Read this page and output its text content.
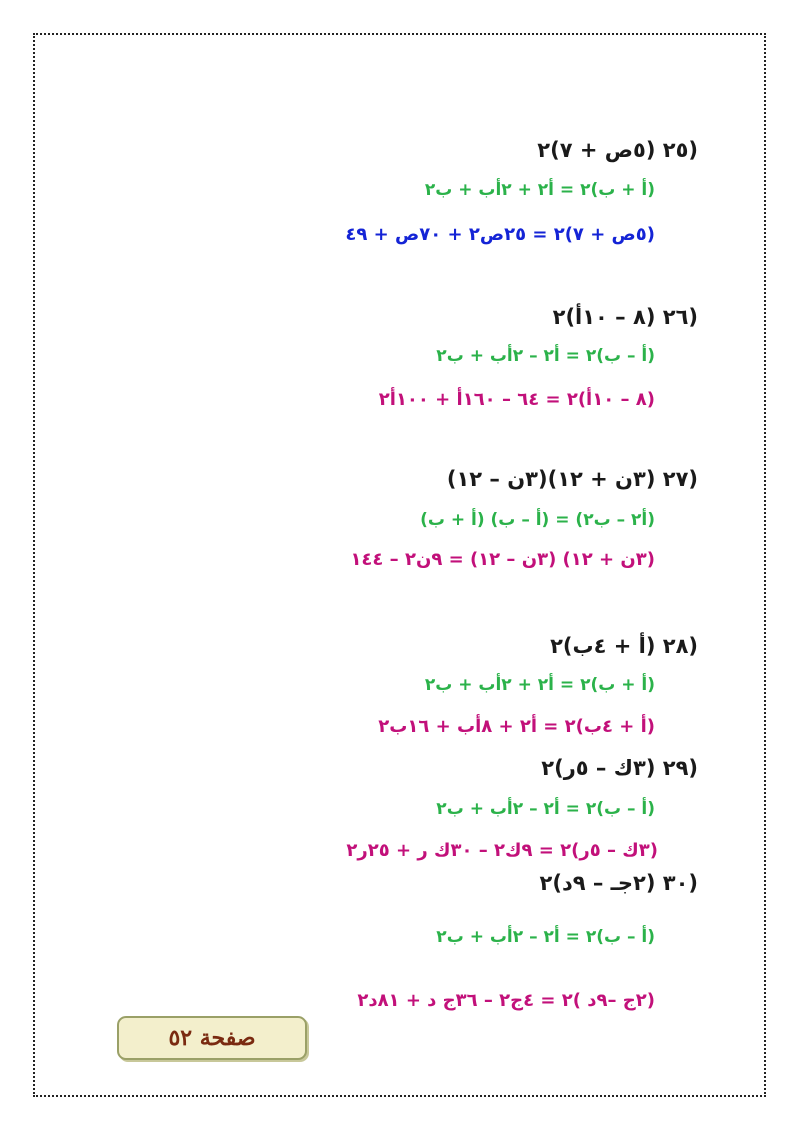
(٢٥ (٥ص + ٧)٢
(أ + ب)٢ = أ٢ + ٢أب + ب٢
(٥ص + ٧)٢ = ٢٥ص٢ + ٧٠ص + ٤٩
(٢٦ (٨ – ١٠أ)٢
(أ – ب)٢ = أ٢ – ٢أب + ب٢
(٨ – ١٠أ)٢ = ٦٤ – ١٦٠أ + ١٠٠أ٢
(٢٧ (٣ن + ١٢)(٣ن – ١٢)
(أ٢ – ب٢) = (أ – ب) (أ + ب)
(٣ن + ١٢) (٣ن – ١٢) = ٩ن٢ – ١٤٤
(٢٨ (أ + ٤ب)٢
(أ + ب)٢ = أ٢ + ٢أب + ب٢
(أ + ٤ب)٢ = أ٢ + ٨أب + ١٦ب٢
(٢٩ (٣ك – ٥ر)٢
(أ – ب)٢ = أ٢ – ٢أب + ب٢
(٣ك – ٥ر)٢ = ٩ك٢ – ٣٠ك ر + ٢٥ر٢
(٣٠ (٢جـ – ٩د)٢
(أ – ب)٢ = أ٢ – ٢أب + ب٢
(٢ج –٩د )٢ = ٤ج٢ – ٣٦ج د + ٨١د٢
صفحة ٥٢
